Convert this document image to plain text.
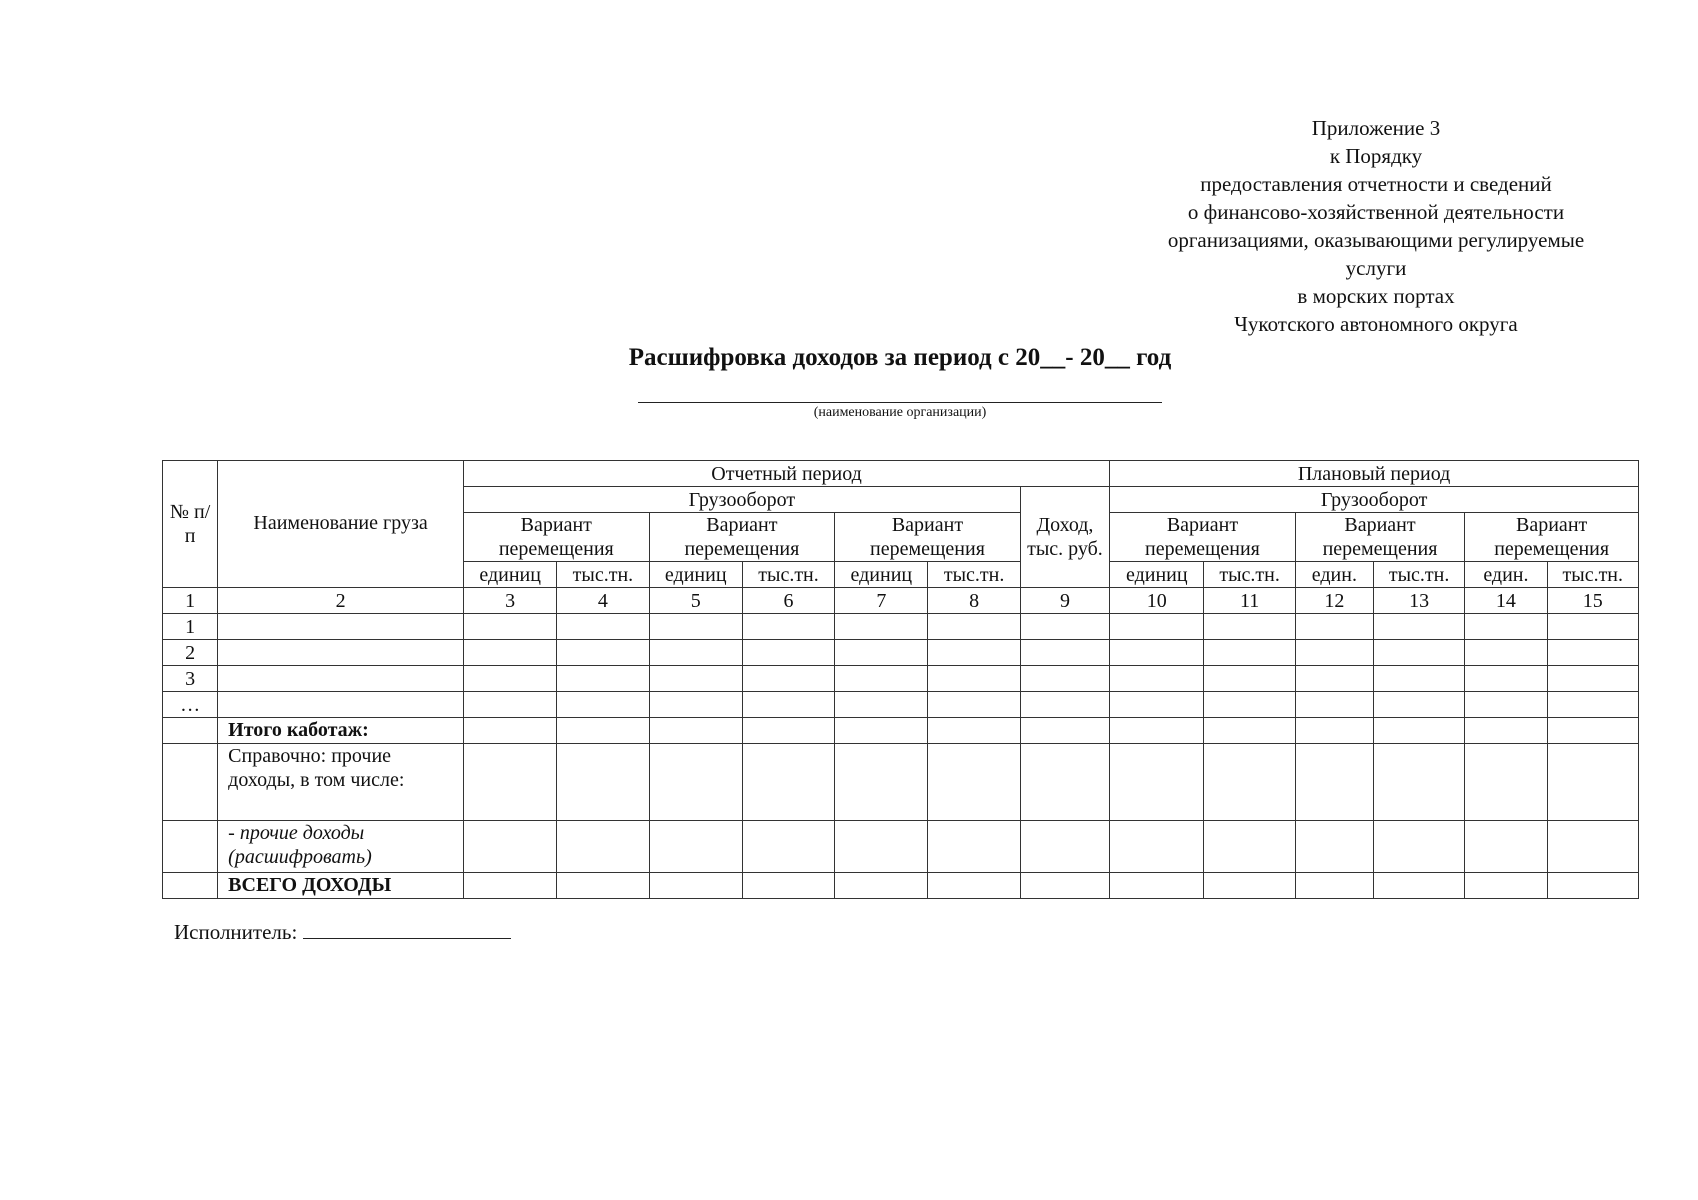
Приложение 3
к Порядку
предоставления отчетности и сведений
о финансово-хозяйственной деятельности
организациями, оказывающими регулируемые
услуги
в морских портах
Чукотского автономного округа
Расшифровка доходов за период с 20__- 20__ год
(наименование организации)
№ п/п	Наименование груза	Отчетный период							Плановый период					
		Грузооборот						Доход, тыс. руб.	Грузооборот					
		Вариант перемещения		Вариант перемещения		Вариант перемещения			Вариант перемещения		Вариант перемещения		Вариант перемещения	
		единиц	тыс.тн.	единиц	тыс.тн.	единиц	тыс.тн.		единиц	тыс.тн.	един.	тыс.тн.	един.	тыс.тн.
1	2	3	4	5	6	7	8	9	10	11	12	13	14	15
1														
2														
3														
…														
	Итого каботаж:													
	Справочно: прочие доходы, в том числе:													
	- прочие доходы (расшифровать)													
	ВСЕГО ДОХОДЫ													
Исполнитель:
